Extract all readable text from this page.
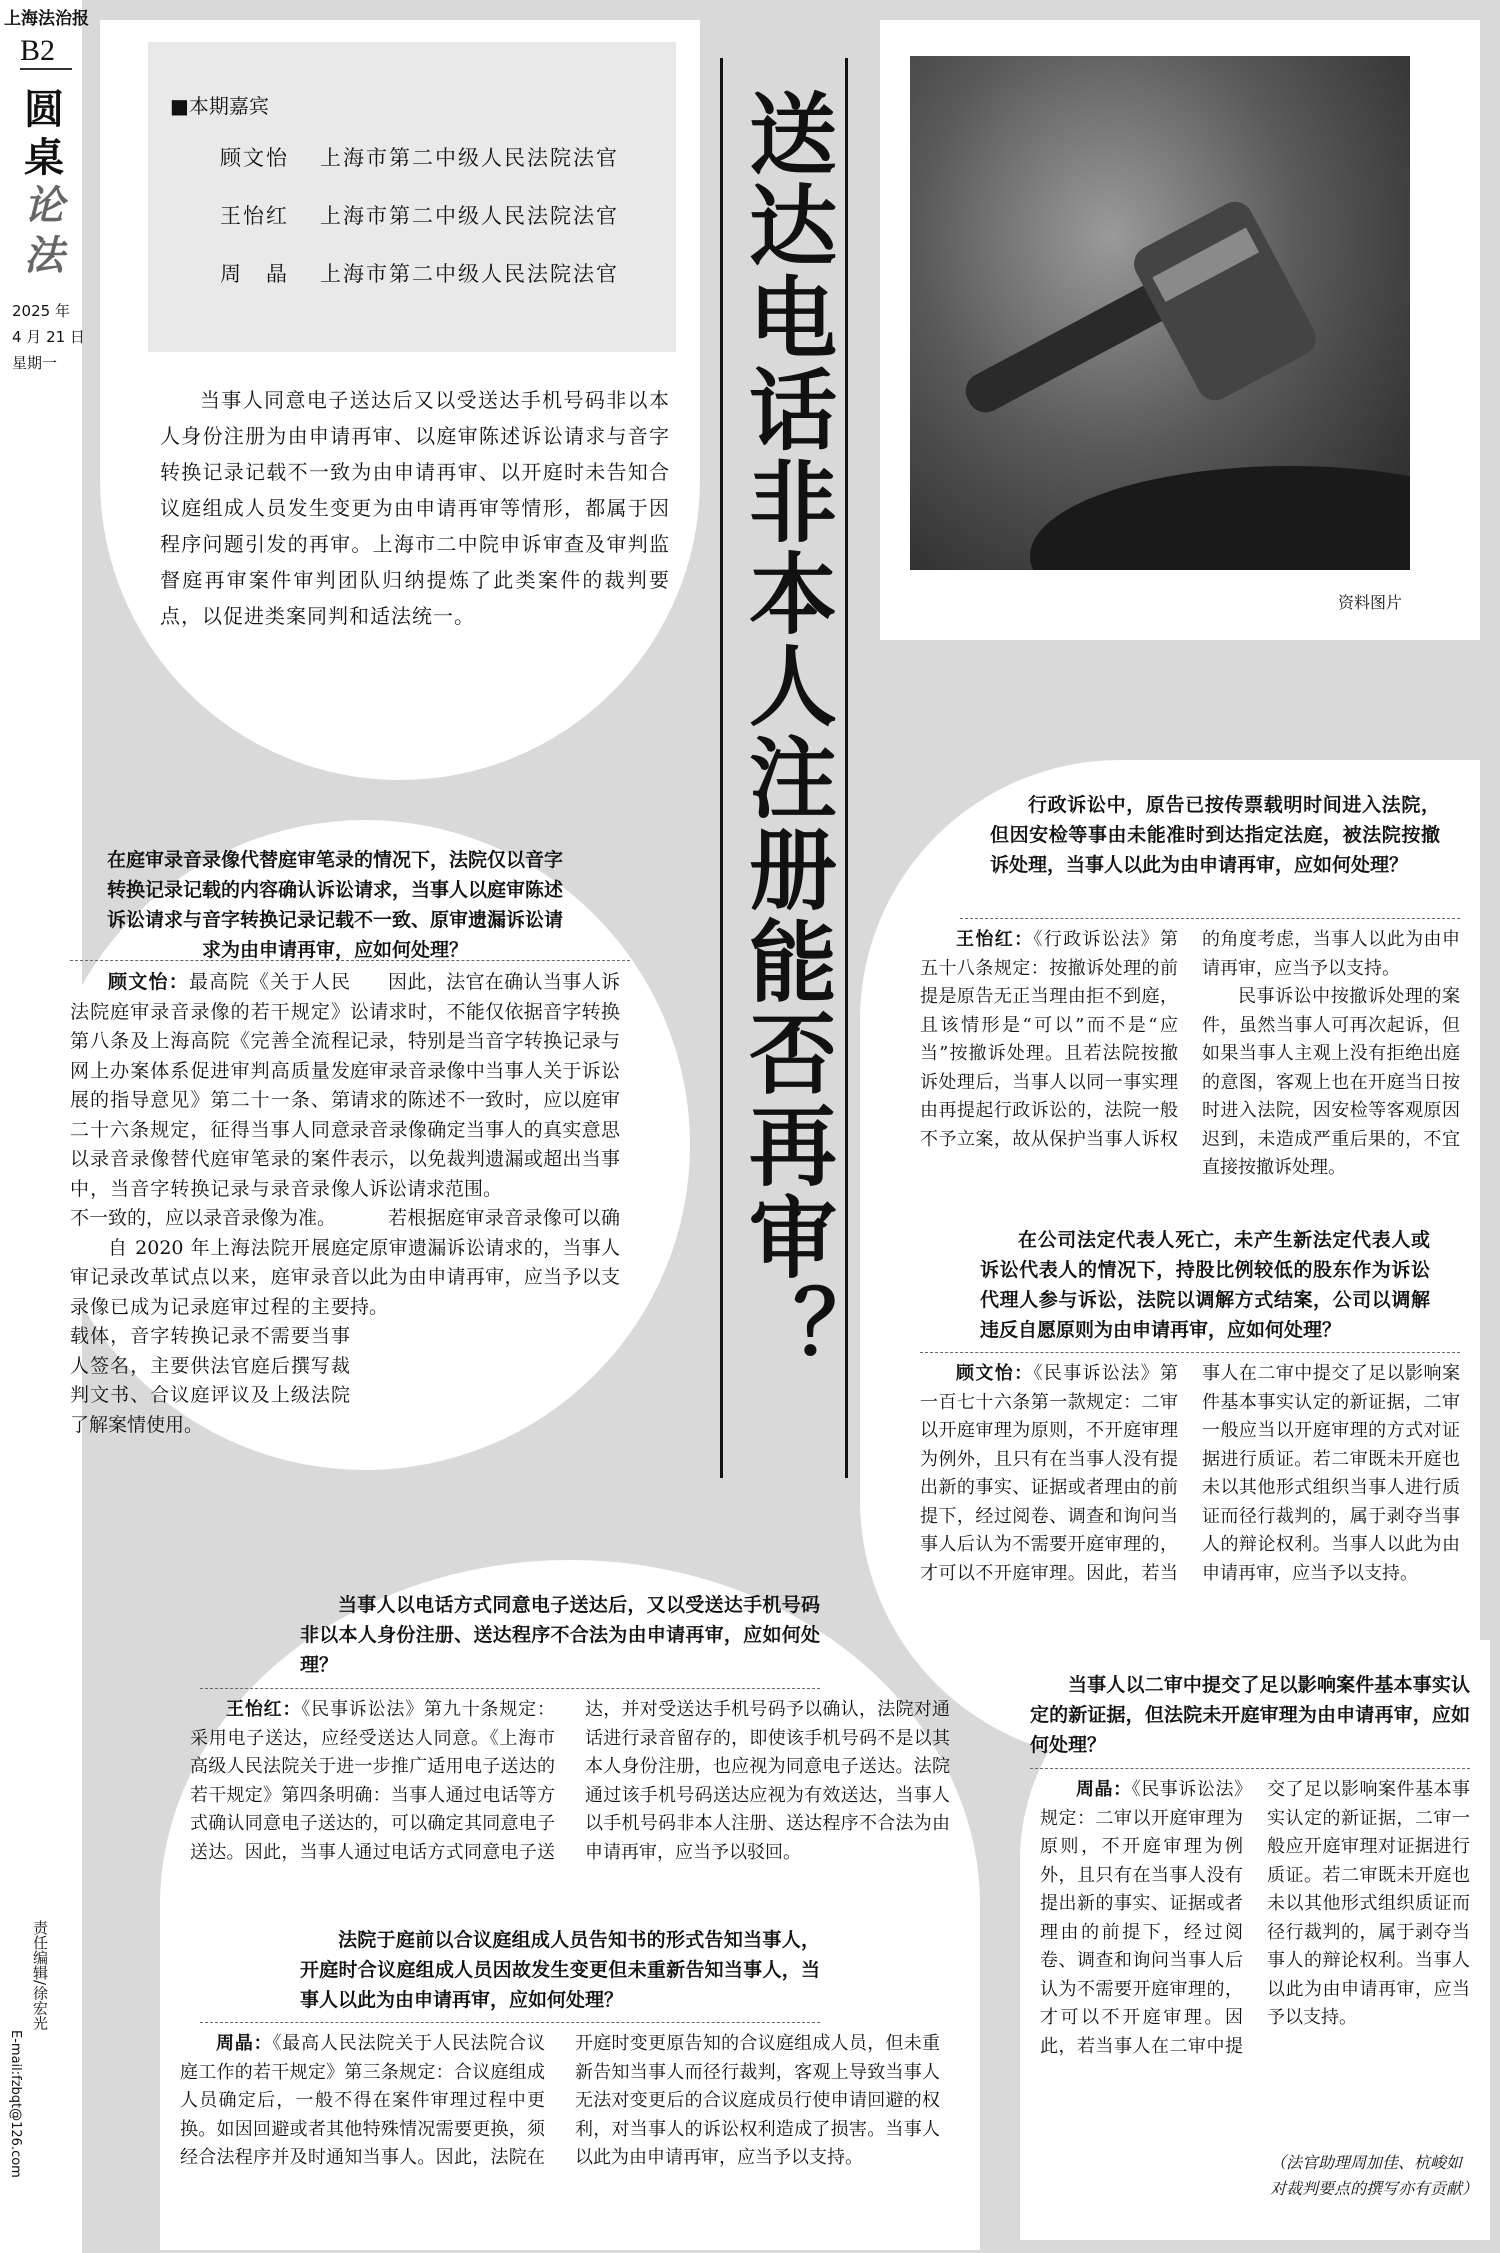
上海法治报
B2
圆
桌
论
法
2025 年
4 月 21 日
星期一
责任编辑/徐宏光
E-mail:fzbqt@126.com
■本期嘉宾
顾文怡 上海市第二中级人民法院法官
王怡红 上海市第二中级人民法院法官
周　晶 上海市第二中级人民法院法官
当事人同意电子送达后又以受送达手机号码非以本人身份注册为由申请再审、以庭审陈述诉讼请求与音字转换记录记载不一致为由申请再审、以开庭时未告知合议庭组成人员发生变更为由申请再审等情形，都属于因程序问题引发的再审。上海市二中院申诉审查及审判监督庭再审案件审判团队归纳提炼了此类案件的裁判要点，以促进类案同判和适法统一。	送达电话非本人注册能否再审？	资料图片
在庭审录音录像代替庭审笔录的情况下，法院仅以音字转换记录记载的内容确认诉讼请求，当事人以庭审陈述诉讼请求与音字转换记录记载不一致、原审遗漏诉讼请求为由申请再审，应如何处理？

顾文怡：最高院《关于人民法院庭审录音录像的若干规定》第八条及上海高院《完善全流程网上办案体系促进审判高质量发展的指导意见》第二十一条、第二十六条规定，征得当事人同意以录音录像替代庭审笔录的案件中，当音字转换记录与录音录像不一致的，应以录音录像为准。

自 2020 年上海法院开展庭审记录改革试点以来，庭审录音录像已成为记录庭审过程的主要载体，音字转换记录不需要当事人签名，主要供法官庭后撰写裁判文书、合议庭评议及上级法院了解案情使用。

因此，法官在确认当事人诉讼请求时，不能仅依据音字转换记录，特别是当音字转换记录与庭审录音录像中当事人关于诉讼请求的陈述不一致时，应以庭审录音录像确定当事人的真实意思表示，以免裁判遗漏或超出当事人诉讼请求范围。

若根据庭审录音录像可以确定原审遗漏诉讼请求的，当事人以此为由申请再审，应当予以支持。

行政诉讼中，原告已按传票载明时间进入法院，但因安检等事由未能准时到达指定法庭，被法院按撤诉处理，当事人以此为由申请再审，应如何处理？

王怡红：《行政诉讼法》第五十八条规定：按撤诉处理的前提是原告无正当理由拒不到庭，且该情形是“可以”而不是“应当”按撤诉处理。且若法院按撤诉处理后，当事人以同一事实理由再提起行政诉讼的，法院一般不予立案，故从保护当事人诉权的角度考虑，当事人以此为由申请再审，应当予以支持。

民事诉讼中按撤诉处理的案件，虽然当事人可再次起诉，但如果当事人主观上没有拒绝出庭的意图，客观上也在开庭当日按时进入法院，因安检等客观原因迟到，未造成严重后果的，不宜直接按撤诉处理。

在公司法定代表人死亡，未产生新法定代表人或诉讼代表人的情况下，持股比例较低的股东作为诉讼代理人参与诉讼，法院以调解方式结案，公司以调解违反自愿原则为由申请再审，应如何处理？

顾文怡：《民事诉讼法》第一百七十六条第一款规定：二审以开庭审理为原则，不开庭审理为例外，且只有在当事人没有提出新的事实、证据或者理由的前提下，经过阅卷、调查和询问当事人后认为不需要开庭审理的，才可以不开庭审理。因此，若当事人在二审中提交了足以影响案件基本事实认定的新证据，二审一般应当以开庭审理的方式对证据进行质证。若二审既未开庭也未以其他形式组织当事人进行质证而径行裁判的，属于剥夺当事人的辩论权利。当事人以此为由申请再审，应当予以支持。

当事人以电话方式同意电子送达后，又以受送达手机号码非以本人身份注册、送达程序不合法为由申请再审，应如何处理？

王怡红：《民事诉讼法》第九十条规定：采用电子送达，应经受送达人同意。《上海市高级人民法院关于进一步推广适用电子送达的若干规定》第四条明确：当事人通过电话等方式确认同意电子送达的，可以确定其同意电子送达。因此，当事人通过电话方式同意电子送达，并对受送达手机号码予以确认，法院对通话进行录音留存的，即使该手机号码不是以其本人身份注册，也应视为同意电子送达。法院通过该手机号码送达应视为有效送达，当事人以手机号码非本人注册、送达程序不合法为由申请再审，应当予以驳回。

法院于庭前以合议庭组成人员告知书的形式告知当事人，开庭时合议庭组成人员因故发生变更但未重新告知当事人，当事人以此为由申请再审，应如何处理？

周晶：《最高人民法院关于人民法院合议庭工作的若干规定》第三条规定：合议庭组成人员确定后，一般不得在案件审理过程中更换。如因回避或者其他特殊情况需要更换，须经合法程序并及时通知当事人。因此，法院在开庭时变更原告知的合议庭组成人员，但未重新告知当事人而径行裁判，客观上导致当事人无法对变更后的合议庭成员行使申请回避的权利，对当事人的诉讼权利造成了损害。当事人以此为由申请再审，应当予以支持。

当事人以二审中提交了足以影响案件基本事实认定的新证据，但法院未开庭审理为由申请再审，应如何处理？

周晶：《民事诉讼法》规定：二审以开庭审理为原则，不开庭审理为例外，且只有在当事人没有提出新的事实、证据或者理由的前提下，经过阅卷、调查和询问当事人后认为不需要开庭审理的，才可以不开庭审理。因此，若当事人在二审中提交了足以影响案件基本事实认定的新证据，二审一般应开庭审理对证据进行质证。若二审既未开庭也未以其他形式组织质证而径行裁判的，属于剥夺当事人的辩论权利。当事人以此为由申请再审，应当予以支持。

（法官助理周加佳、杭峻如对裁判要点的撰写亦有贡献）
